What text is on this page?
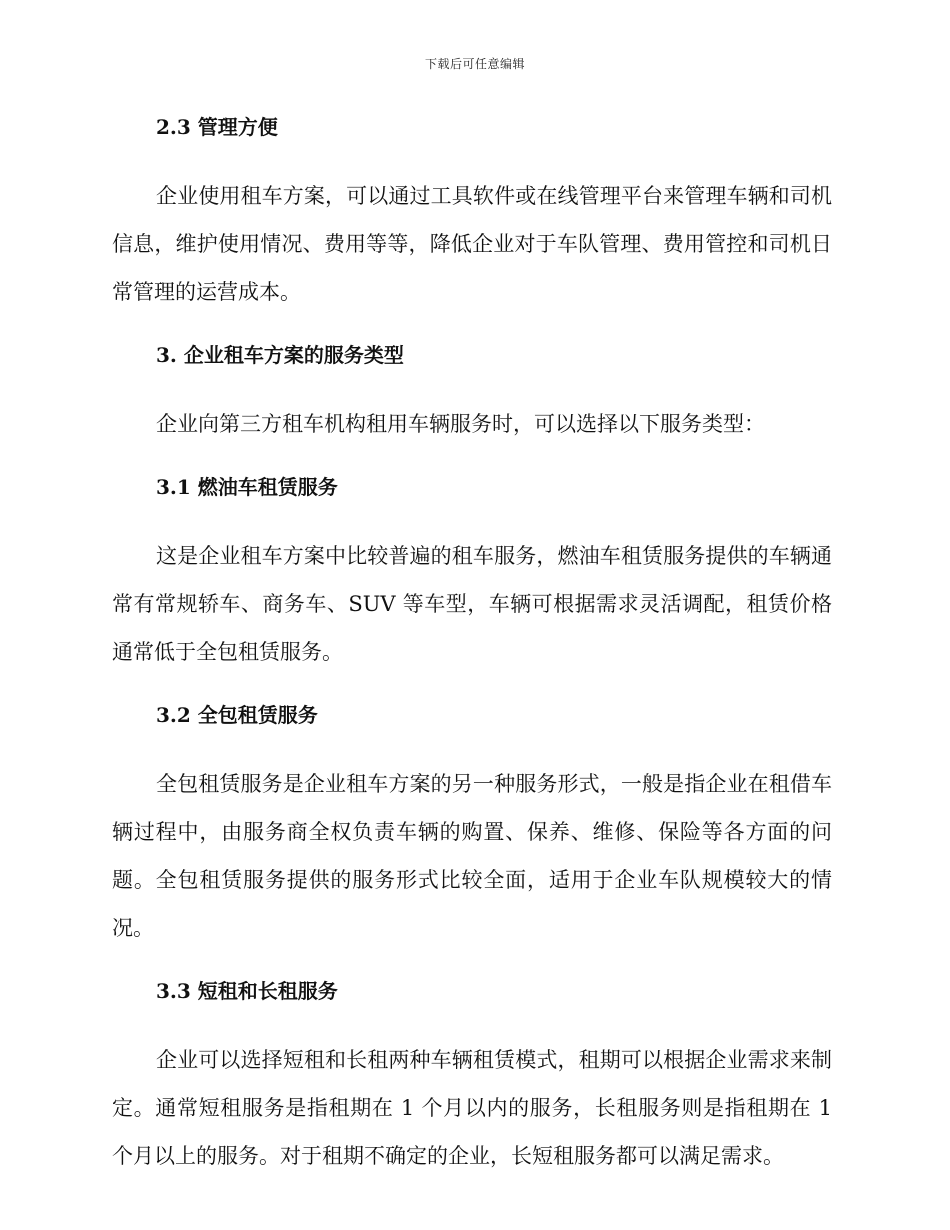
下载后可任意编辑
2.3 管理方便

企业使用租车方案，可以通过工具软件或在线管理平台来管理车辆和司机信息，维护使用情况、费用等等，降低企业对于车队管理、费用管控和司机日常管理的运营成本。

3. 企业租车方案的服务类型

企业向第三方租车机构租用车辆服务时，可以选择以下服务类型：

3.1 燃油车租赁服务

这是企业租车方案中比较普遍的租车服务，燃油车租赁服务提供的车辆通常有常规轿车、商务车、SUV 等车型，车辆可根据需求灵活调配，租赁价格通常低于全包租赁服务。

3.2 全包租赁服务

全包租赁服务是企业租车方案的另一种服务形式，一般是指企业在租借车辆过程中，由服务商全权负责车辆的购置、保养、维修、保险等各方面的问题。全包租赁服务提供的服务形式比较全面，适用于企业车队规模较大的情况。

3.3 短租和长租服务

企业可以选择短租和长租两种车辆租赁模式，租期可以根据企业需求来制定。通常短租服务是指租期在 1 个月以内的服务，长租服务则是指租期在 1 个月以上的服务。对于租期不确定的企业，长短租服务都可以满足需求。
